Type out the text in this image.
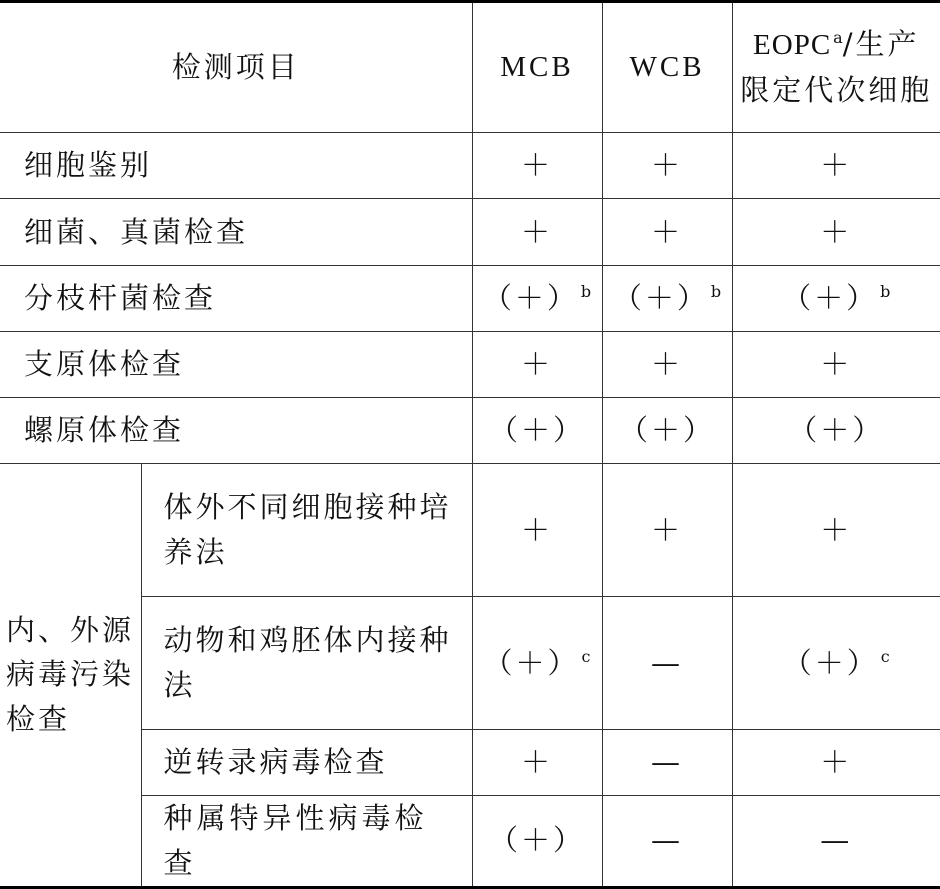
检测项目		MCB	WCB	EOPC $^a$/生产
限定代次细胞
细胞鉴别		＋	＋	＋
细菌、真菌检查		＋	＋	＋
分枝杆菌检查		（＋） $^b$	（＋） $^b$	（＋） $^b$
支原体检查		＋	＋	＋
螺原体检查		（＋）	（＋）	（＋）
内、外源病毒污染检查	体外不同细胞接种培养法	＋	＋	＋
	动物和鸡胚体内接种法	（＋） $^c$	—	（＋） $^c$
	逆转录病毒检查	＋	—	＋
	种属特异性病毒检查	（＋）	—	—
